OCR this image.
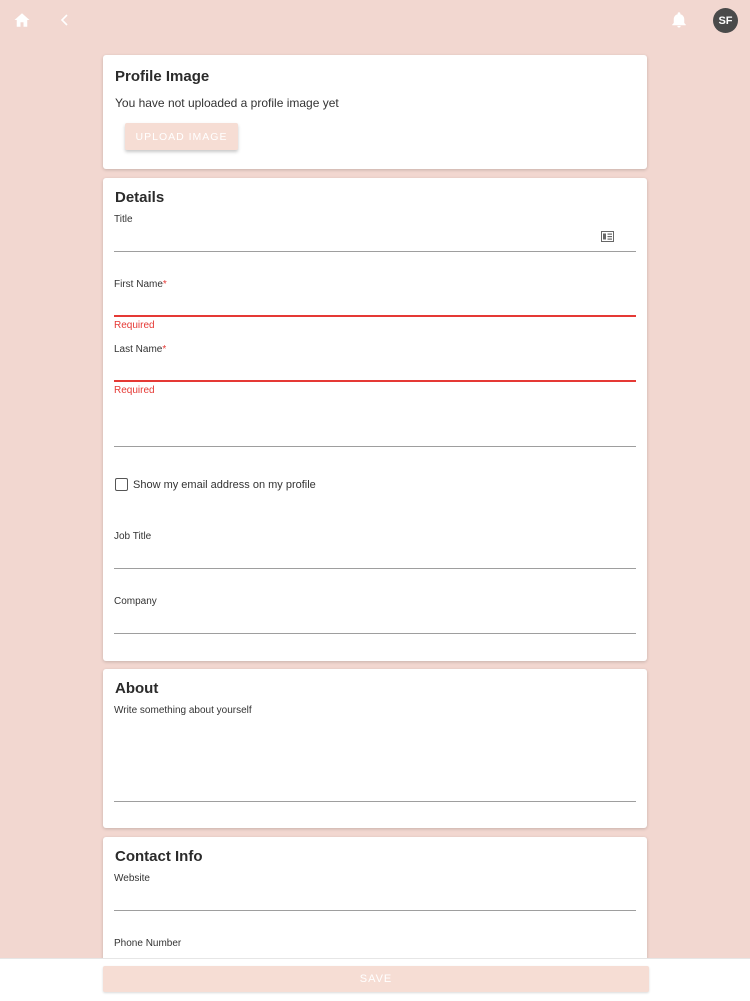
SF
Profile Image
You have not uploaded a profile image yet
UPLOAD IMAGE
Details
Title
First Name*
Required
Last Name*
Required
Show my email address on my profile
Job Title
Company
About
Write something about yourself
Contact Info
Website
Phone Number
SAVE
